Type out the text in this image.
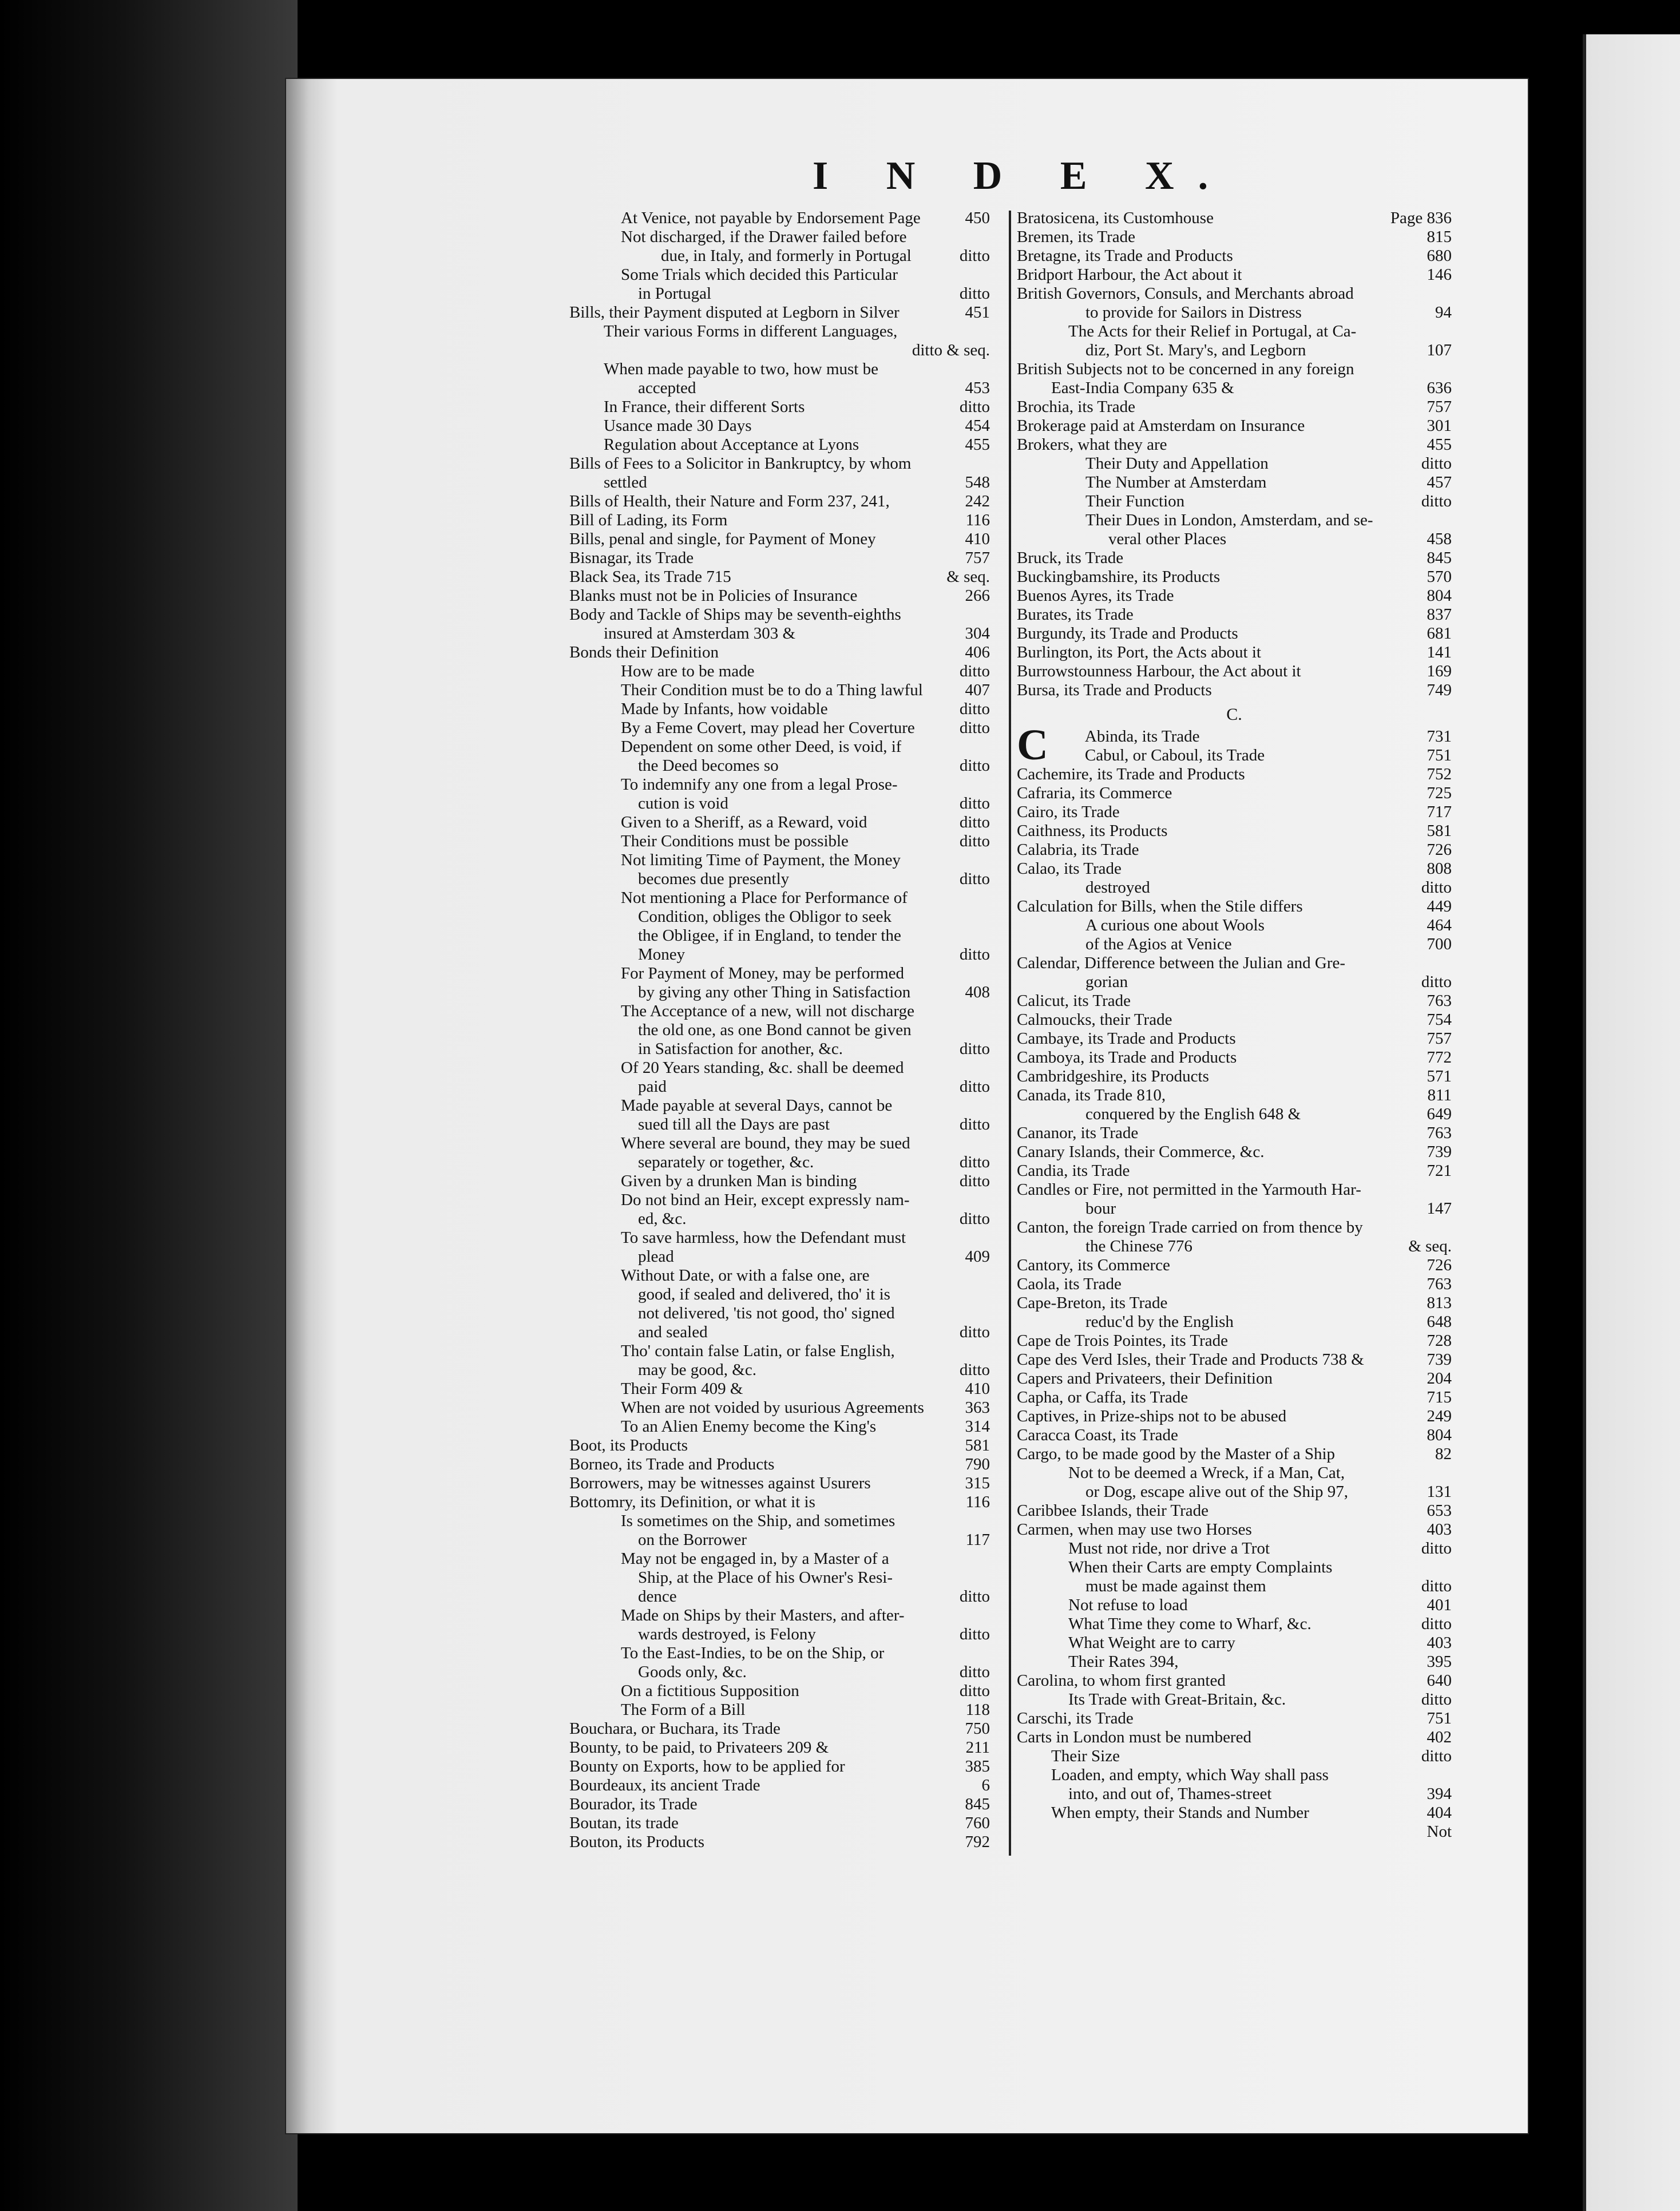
I N D E X.
At Venice, not payable by Endorsement Page	450
Not discharged, if the Drawer failed before
due, in Italy, and formerly in Portugal	ditto
Some Trials which decided this Particular
in Portugal	ditto
Bills, their Payment disputed at Legborn in Silver	451
Their various Forms in different Languages,
ditto & seq.
When made payable to two, how must be
accepted	453
In France, their different Sorts	ditto
Usance made 30 Days	454
Regulation about Acceptance at Lyons	455
Bills of Fees to a Solicitor in Bankruptcy, by whom
settled	548
Bills of Health, their Nature and Form 237, 241,	242
Bill of Lading, its Form	116
Bills, penal and single, for Payment of Money	410
Bisnagar, its Trade	757
Black Sea, its Trade 715	& seq.
Blanks must not be in Policies of Insurance	266
Body and Tackle of Ships may be seventh-eighths
insured at Amsterdam 303 &	304
Bonds their Definition	406
How are to be made	ditto
Their Condition must be to do a Thing lawful	407
Made by Infants, how voidable	ditto
By a Feme Covert, may plead her Coverture	ditto
Dependent on some other Deed, is void, if
the Deed becomes so	ditto
To indemnify any one from a legal Prose-
cution is void	ditto
Given to a Sheriff, as a Reward, void	ditto
Their Conditions must be possible	ditto
Not limiting Time of Payment, the Money
becomes due presently	ditto
Not mentioning a Place for Performance of
Condition, obliges the Obligor to seek
the Obligee, if in England, to tender the
Money	ditto
For Payment of Money, may be performed
by giving any other Thing in Satisfaction	408
The Acceptance of a new, will not discharge
the old one, as one Bond cannot be given
in Satisfaction for another, &c.	ditto
Of 20 Years standing, &c. shall be deemed
paid	ditto
Made payable at several Days, cannot be
sued till all the Days are past	ditto
Where several are bound, they may be sued
separately or together, &c.	ditto
Given by a drunken Man is binding	ditto
Do not bind an Heir, except expressly nam-
ed, &c.	ditto
To save harmless, how the Defendant must
plead	409
Without Date, or with a false one, are
good, if sealed and delivered, tho' it is
not delivered, 'tis not good, tho' signed
and sealed	ditto
Tho' contain false Latin, or false English,
may be good, &c.	ditto
Their Form 409 &	410
When are not voided by usurious Agreements 363
To an Alien Enemy become the King's	314
Boot, its Products	581
Borneo, its Trade and Products	790
Borrowers, may be witnesses against Usurers	315
Bottomry, its Definition, or what it is	116
Is sometimes on the Ship, and sometimes
on the Borrower	117
May not be engaged in, by a Master of a
Ship, at the Place of his Owner's Resi-
dence	ditto
Made on Ships by their Masters, and after-
wards destroyed, is Felony	ditto
To the East-Indies, to be on the Ship, or
Goods only, &c.	ditto
On a fictitious Supposition	ditto
The Form of a Bill	118
Bouchara, or Buchara, its Trade	750
Bounty, to be paid, to Privateers 209 &	211
Bounty on Exports, how to be applied for	385
Bourdeaux, its ancient Trade	6
Bourador, its Trade	845
Boutan, its trade	760
Bouton, its Products	792
Bratosicena, its Customhouse	Page 836
Bremen, its Trade	815
Bretagne, its Trade and Products	680
Bridport Harbour, the Act about it	146
British Governors, Consuls, and Merchants abroad
to provide for Sailors in Distress	94
The Acts for their Relief in Portugal, at Ca-
diz, Port St. Mary's, and Legborn	107
British Subjects not to be concerned in any foreign
East-India Company 635 &	636
Brochia, its Trade	757
Brokerage paid at Amsterdam on Insurance	301
Brokers, what they are	455
Their Duty and Appellation	ditto
The Number at Amsterdam	457
Their Function	ditto
Their Dues in London, Amsterdam, and se-
veral other Places	458
Bruck, its Trade	845
Buckingbamshire, its Products	570
Buenos Ayres, its Trade	804
Burates, its Trade	837
Burgundy, its Trade and Products	681
Burlington, its Port, the Acts about it	141
Burrowstounness Harbour, the Act about it	169
Bursa, its Trade and Products	749
C.
C Abinda, its Trade	731
Cabul, or Caboul, its Trade	751
Cachemire, its Trade and Products	752
Cafraria, its Commerce	725
Cairo, its Trade	717
Caithness, its Products	581
Calabria, its Trade	726
Calao, its Trade	808
destroyed	ditto
Calculation for Bills, when the Stile differs	449
A curious one about Wools	464
of the Agios at Venice	700
Calendar, Difference between the Julian and Gre-
gorian	ditto
Calicut, its Trade	763
Calmoucks, their Trade	754
Cambaye, its Trade and Products	757
Camboya, its Trade and Products	772
Cambridgeshire, its Products	571
Canada, its Trade 810,	811
conquered by the English 648 &	649
Cananor, its Trade	763
Canary Islands, their Commerce, &c.	739
Candia, its Trade	721
Candles or Fire, not permitted in the Yarmouth Har-
bour	147
Canton, the foreign Trade carried on from thence by
the Chinese 776	& seq.
Cantory, its Commerce	726
Caola, its Trade	763
Cape-Breton, its Trade	813
reduc'd by the English	648
Cape de Trois Pointes, its Trade	728
Cape des Verd Isles, their Trade and Products 738 &	739
Capers and Privateers, their Definition	204
Capha, or Caffa, its Trade	715
Captives, in Prize-ships not to be abused	249
Caracca Coast, its Trade	804
Cargo, to be made good by the Master of a Ship	82
Not to be deemed a Wreck, if a Man, Cat,
or Dog, escape alive out of the Ship 97,	131
Caribbee Islands, their Trade	653
Carmen, when may use two Horses	403
Must not ride, nor drive a Trot	ditto
When their Carts are empty Complaints
must be made against them	ditto
Not refuse to load	401
What Time they come to Wharf, &c.	ditto
What Weight are to carry	403
Their Rates 394,	395
Carolina, to whom first granted	640
Its Trade with Great-Britain, &c.	ditto
Carschi, its Trade	751
Carts in London must be numbered	402
Their Size	ditto
Loaden, and empty, which Way shall pass
into, and out of, Thames-street	394
When empty, their Stands and Number	404
Not
